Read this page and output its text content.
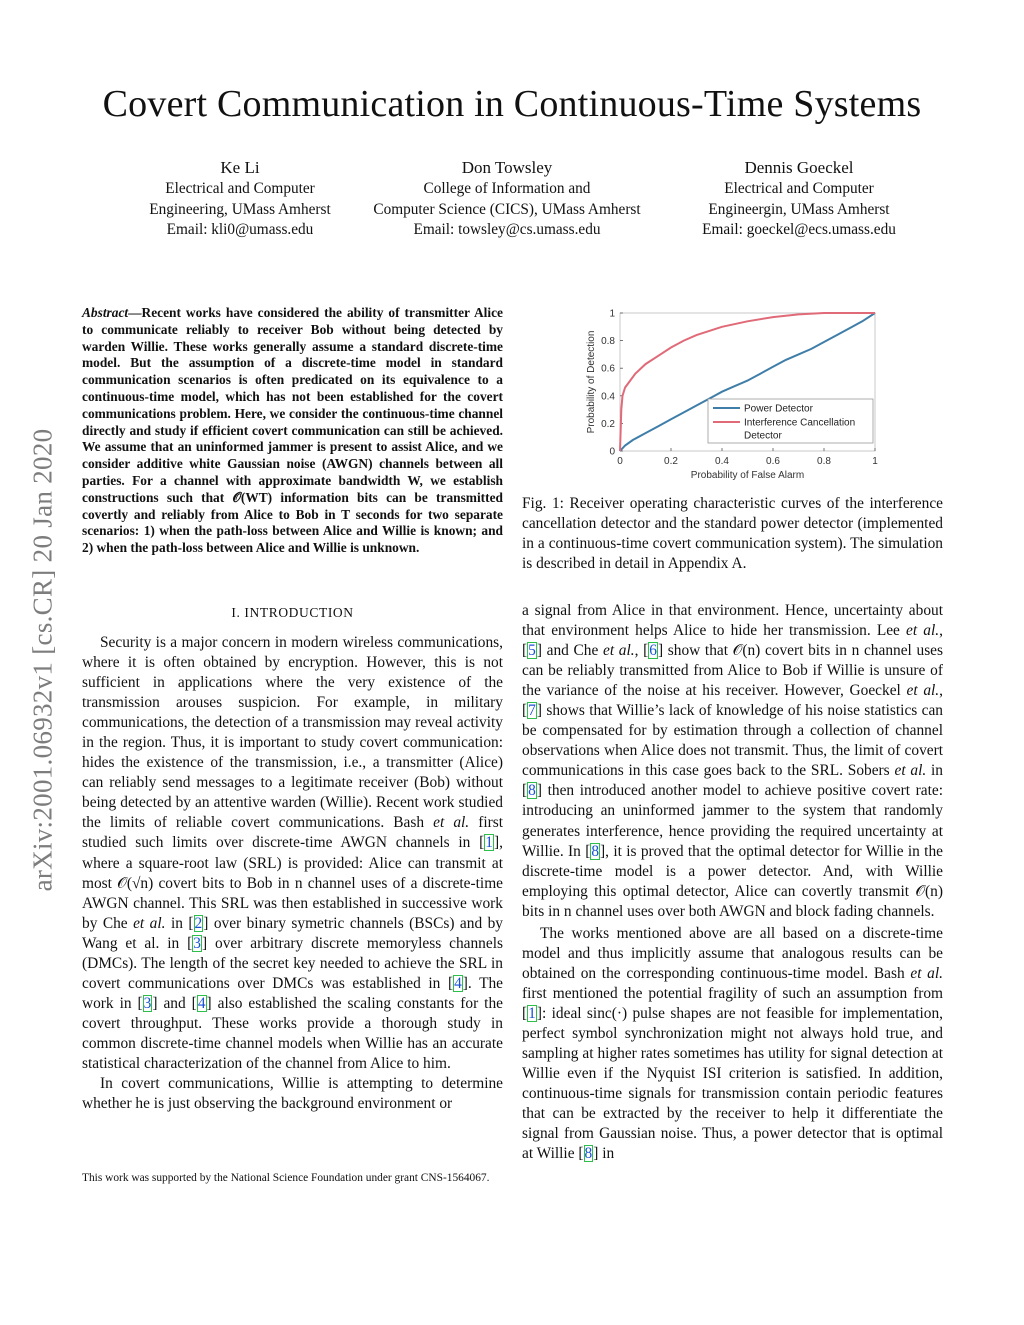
arXiv:2001.06932v1 [cs.CR] 20 Jan 2020
Covert Communication in Continuous-Time Systems
Ke Li
Electrical and Computer
Engineering, UMass Amherst
Email: kli0@umass.edu
Don Towsley
College of Information and
Computer Science (CICS), UMass Amherst
Email: towsley@cs.umass.edu
Dennis Goeckel
Electrical and Computer
Engineergin, UMass Amherst
Email: goeckel@ecs.umass.edu

Abstract—Recent works have considered the ability of transmitter Alice to communicate reliably to receiver Bob without being detected by warden Willie. These works generally assume a standard discrete-time model. But the assumption of a discrete-time model in standard communication scenarios is often predicated on its equivalence to a continuous-time model, which has not been established for the covert communications problem. Here, we consider the continuous-time channel directly and study if efficient covert communication can still be achieved. We assume that an uninformed jammer is present to assist Alice, and we consider additive white Gaussian noise (AWGN) channels between all parties. For a channel with approximate bandwidth W, we establish constructions such that 𝒪(WT) information bits can be transmitted covertly and reliably from Alice to Bob in T seconds for two separate scenarios: 1) when the path-loss between Alice and Willie is known; and 2) when the path-loss between Alice and Willie is unknown.

I. INTRODUCTION

Security is a major concern in modern wireless communications, where it is often obtained by encryption. However, this is not sufficient in applications where the very existence of the transmission arouses suspicion. For example, in military communications, the detection of a transmission may reveal activity in the region. Thus, it is important to study covert communication: hides the existence of the transmission, i.e., a transmitter (Alice) can reliably send messages to a legitimate receiver (Bob) without being detected by an attentive warden (Willie). Recent work studied the limits of reliable covert communications. Bash et al. first studied such limits over discrete-time AWGN channels in [1], where a square-root law (SRL) is provided: Alice can transmit at most 𝒪(√n) covert bits to Bob in n channel uses of a discrete-time AWGN channel. This SRL was then established in successive work by Che et al. in [2] over binary symetric channels (BSCs) and by Wang et al. in [3] over arbitrary discrete memoryless channels (DMCs). The length of the secret key needed to achieve the SRL in covert communications over DMCs was established in [4]. The work in [3] and [4] also established the scaling constants for the covert throughput. These works provide a thorough study in common discrete-time channel models when Willie has an accurate statistical characterization of the channel from Alice to him.

In covert communications, Willie is attempting to determine whether he is just observing the background environment or

This work was supported by the National Science Foundation under grant CNS-1564067.
0	0.2	0.4	0.6	0.8	1
0
0.2
0.4
0.6
0.8
1
Probability of False Alarm
Probability of Detection	Power Detector
Interference Cancellation
Detector
Fig. 1: Receiver operating characteristic curves of the interference cancellation detector and the standard power detector (implemented in a continuous-time covert communication system). The simulation is described in detail in Appendix A.

a signal from Alice in that environment. Hence, uncertainty about that environment helps Alice to hide her transmission. Lee et al., [5] and Che et al., [6] show that 𝒪(n) covert bits in n channel uses can be reliably transmitted from Alice to Bob if Willie is unsure of the variance of the noise at his receiver. However, Goeckel et al., [7] shows that Willie’s lack of knowledge of his noise statistics can be compensated for by estimation through a collection of channel observations when Alice does not transmit. Thus, the limit of covert communications in this case goes back to the SRL. Sobers et al. in [8] then introduced another model to achieve positive covert rate: introducing an uninformed jammer to the system that randomly generates interference, hence providing the required uncertainty at Willie. In [8], it is proved that the optimal detector for Willie in the discrete-time model is a power detector. And, with Willie employing this optimal detector, Alice can covertly transmit 𝒪(n) bits in n channel uses over both AWGN and block fading channels.

The works mentioned above are all based on a discrete-time model and thus implicitly assume that analogous results can be obtained on the corresponding continuous-time model. Bash et al. first mentioned the potential fragility of such an assumption from [1]: ideal sinc(·) pulse shapes are not feasible for implementation, perfect symbol synchronization might not always hold true, and sampling at higher rates sometimes has utility for signal detection at Willie even if the Nyquist ISI criterion is satisfied. In addition, continuous-time signals for transmission contain periodic features that can be extracted by the receiver to help it differentiate the signal from Gaussian noise. Thus, a power detector that is optimal at Willie [8] in
